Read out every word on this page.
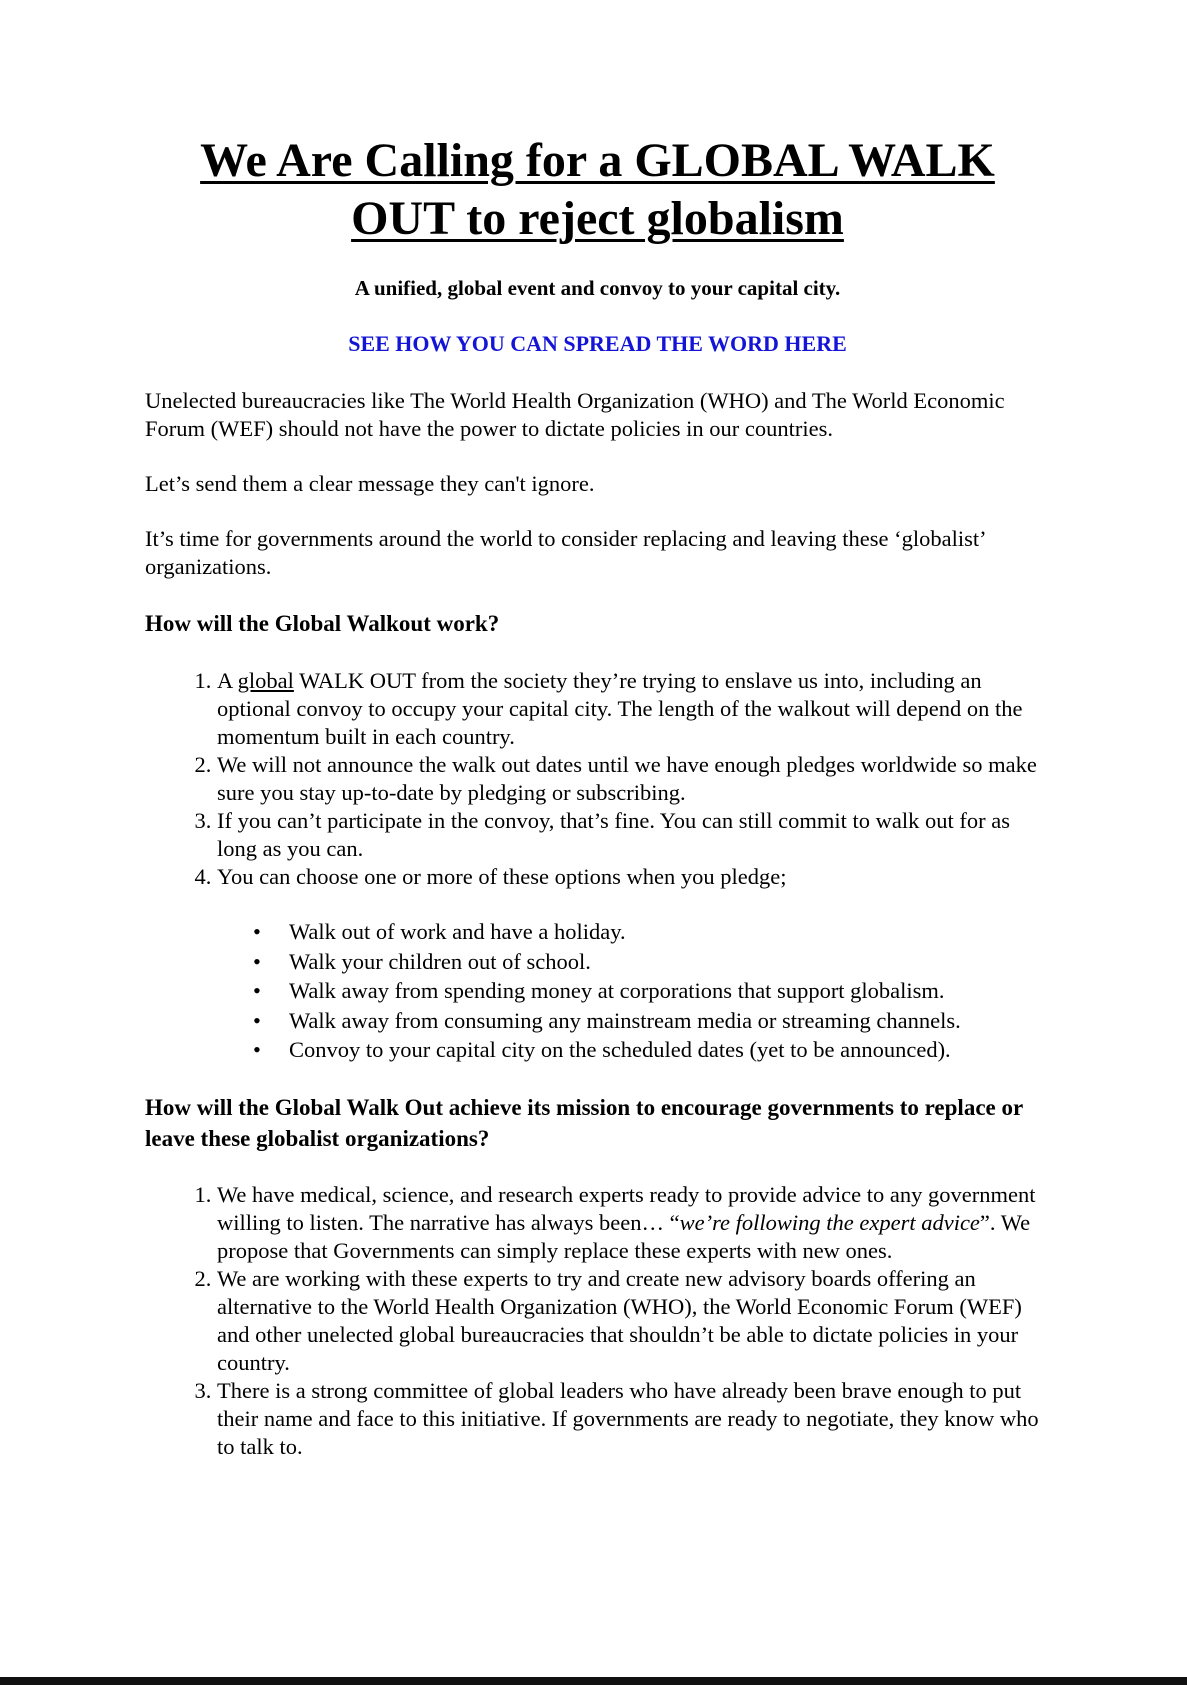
We Are Calling for a GLOBAL WALK
OUT to reject globalism

A unified, global event and convoy to your capital city.

SEE HOW YOU CAN SPREAD THE WORD HERE

Unelected bureaucracies like The World Health Organization (WHO) and The World Economic Forum (WEF) should not have the power to dictate policies in our countries.

Let’s send them a clear message they can't ignore.

It’s time for governments around the world to consider replacing and leaving these ‘globalist’ organizations.

How will the Global Walkout work?
1. A global WALK OUT from the society they’re trying to enslave us into, including an optional convoy to occupy your capital city. The length of the walkout will depend on the momentum built in each country.
2. We will not announce the walk out dates until we have enough pledges worldwide so make sure you stay up-to-date by pledging or subscribing.
3. If you can’t participate in the convoy, that’s fine. You can still commit to walk out for as long as you can.
4. You can choose one or more of these options when you pledge;
• Walk out of work and have a holiday.
• Walk your children out of school.
• Walk away from spending money at corporations that support globalism.
• Walk away from consuming any mainstream media or streaming channels.
• Convoy to your capital city on the scheduled dates (yet to be announced).
How will the Global Walk Out achieve its mission to encourage governments to replace or leave these globalist organizations?
1. We have medical, science, and research experts ready to provide advice to any government willing to listen. The narrative has always been… “we’re following the expert advice”. We propose that Governments can simply replace these experts with new ones.
2. We are working with these experts to try and create new advisory boards offering an alternative to the World Health Organization (WHO), the World Economic Forum (WEF) and other unelected global bureaucracies that shouldn’t be able to dictate policies in your country.
3. There is a strong committee of global leaders who have already been brave enough to put their name and face to this initiative. If governments are ready to negotiate, they know who to talk to.
